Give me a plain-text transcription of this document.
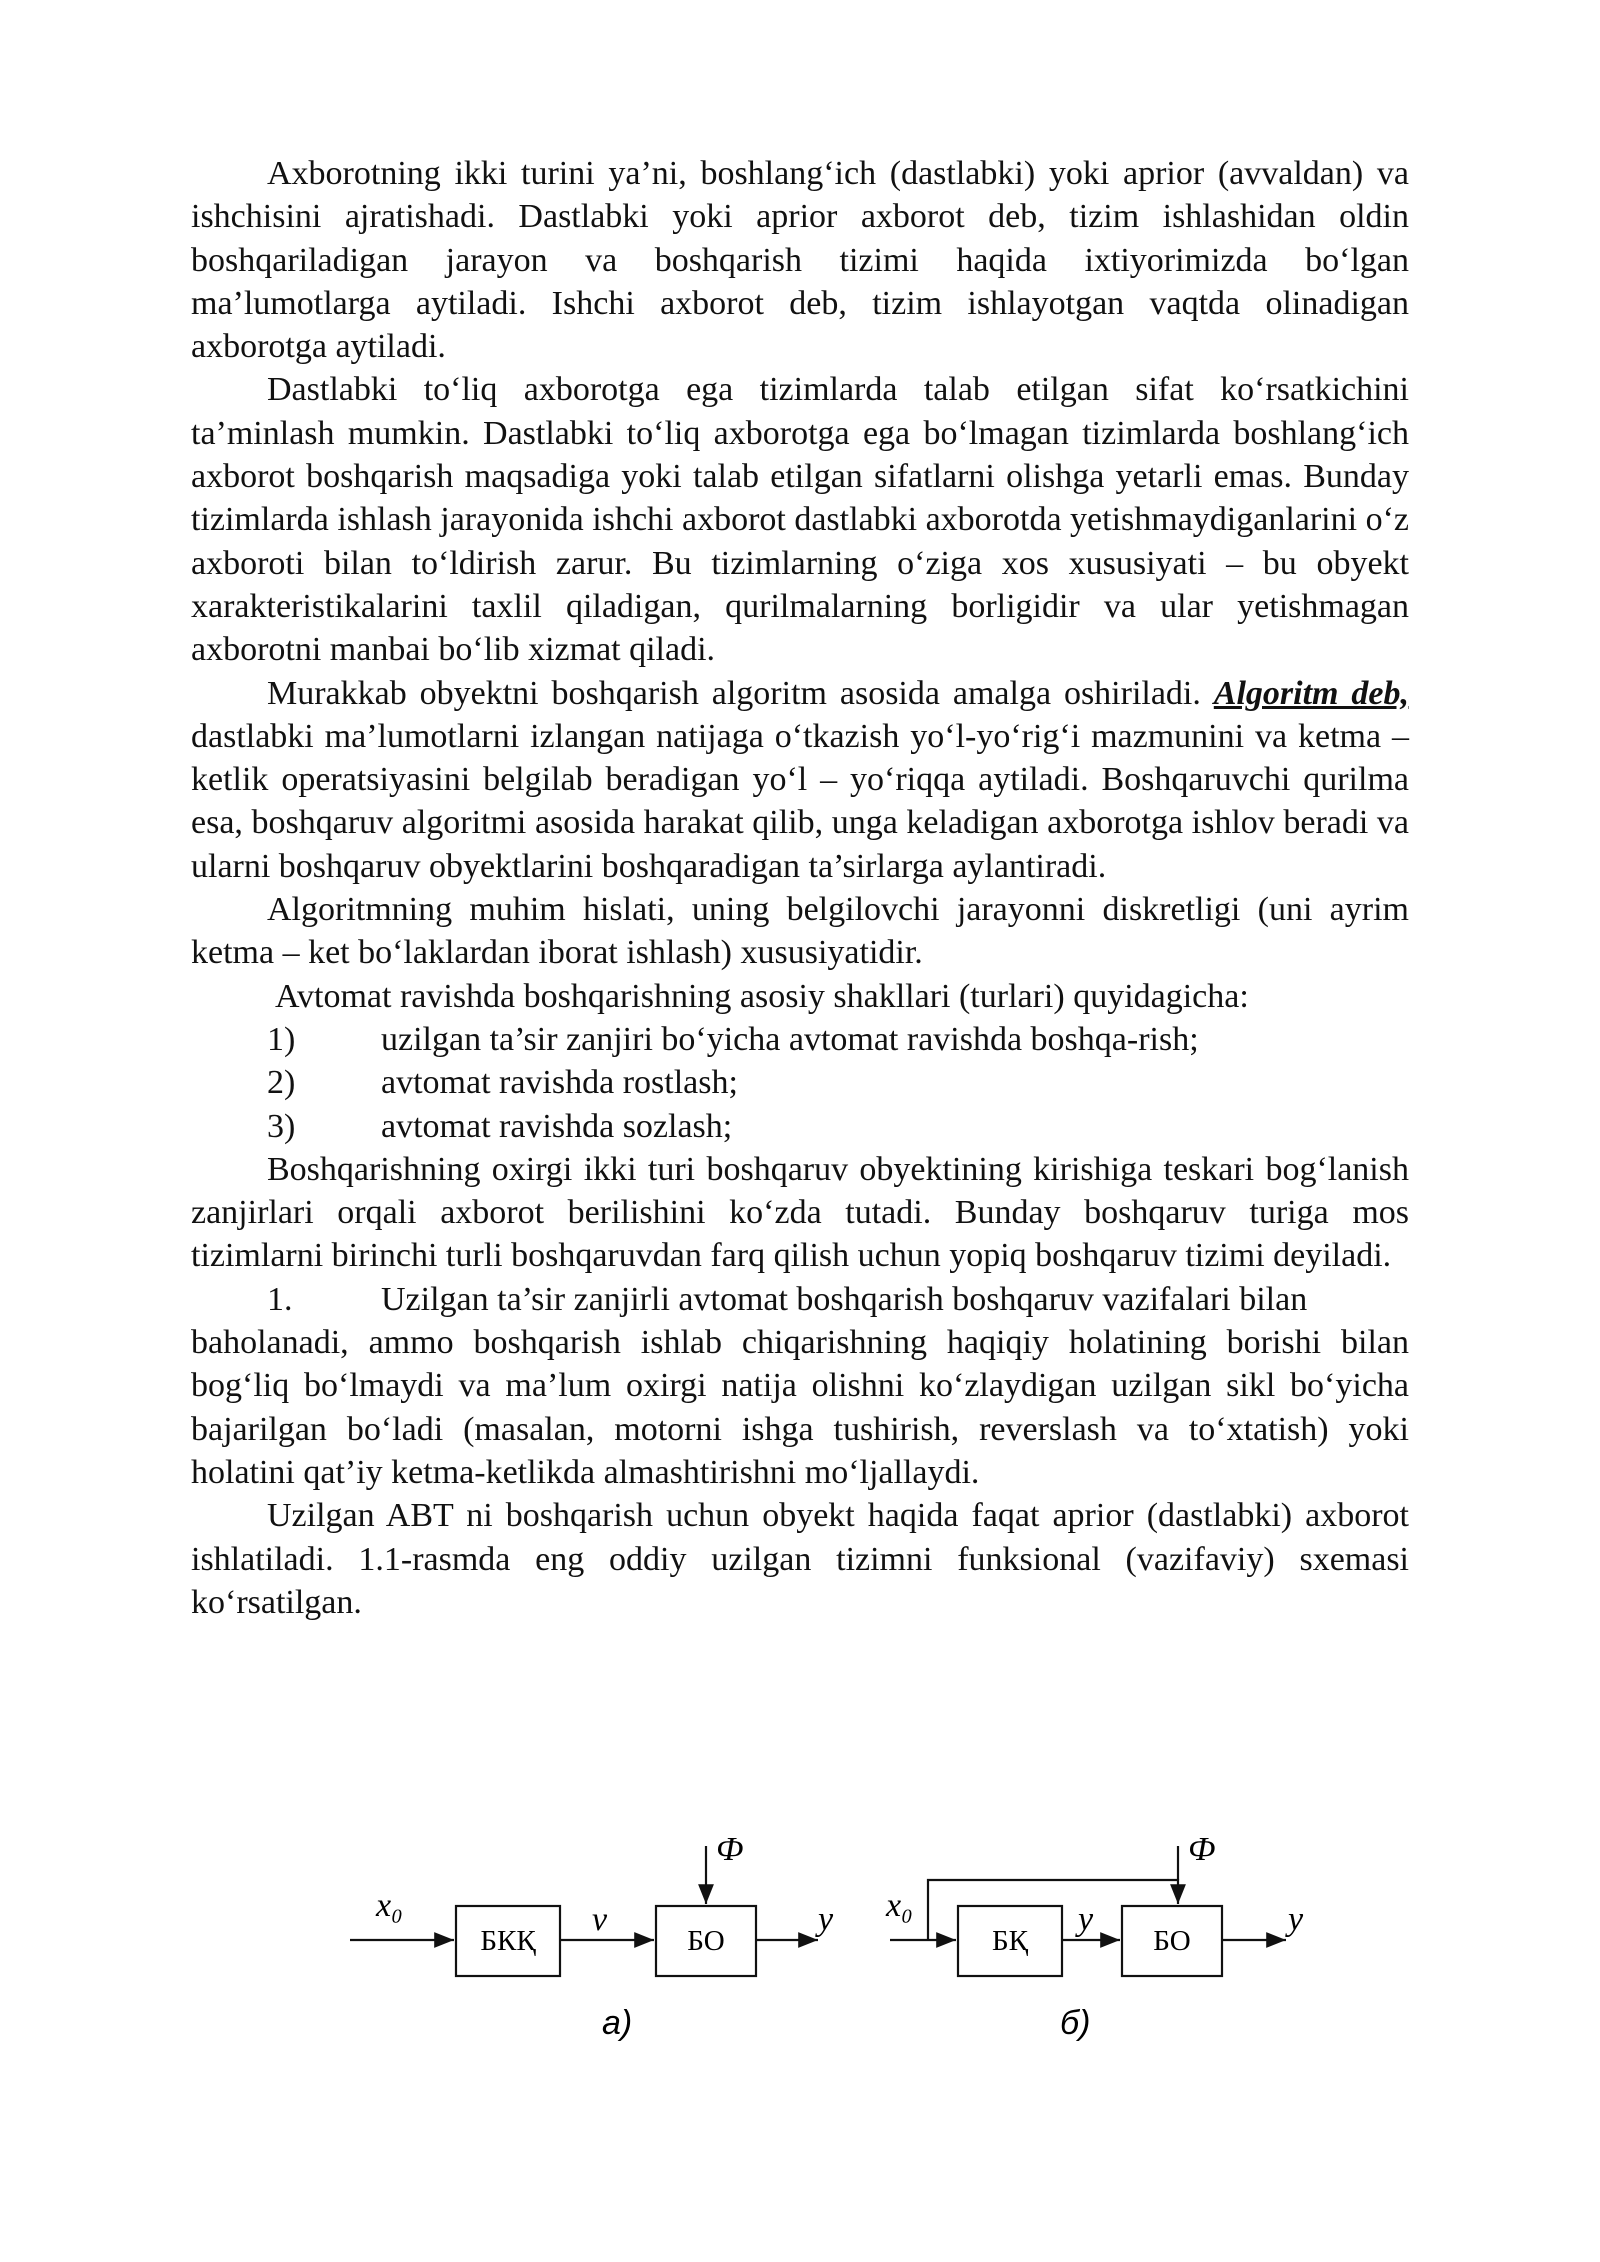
Axborotning ikki turini ya’ni, boshlang‘ich (dastlabki) yoki aprior (avvaldan) va ishchisini ajratishadi. Dastlabki yoki aprior axborot deb, tizim ishlashidan oldin boshqariladigan jarayon va boshqarish tizimi haqida ixtiyorimizda bo‘lgan ma’lumotlarga aytiladi. Ishchi axborot deb, tizim ishlayotgan vaqtda olinadigan axborotga aytiladi.

Dastlabki to‘liq axborotga ega tizimlarda talab etilgan sifat ko‘rsatkichini ta’minlash mumkin. Dastlabki to‘liq axborotga ega bo‘lmagan tizimlarda boshlang‘ich axborot boshqarish maqsadiga yoki talab etilgan sifatlarni olishga yetarli emas. Bunday tizimlarda ishlash jarayonida ishchi axborot dastlabki axborotda yetishmaydiganlarini o‘z axboroti bilan to‘ldirish zarur. Bu tizimlarning o‘ziga xos xususiyati – bu obyekt xarakteristikalarini taxlil qiladigan, qurilmalarning borligidir va ular yetishmagan axborotni manbai bo‘lib xizmat qiladi.

Murakkab obyektni boshqarish algoritm asosida amalga oshiriladi. Algoritm deb, dastlabki ma’lumotlarni izlangan natijaga o‘tkazish yo‘l-yo‘rig‘i mazmunini va ketma – ketlik operatsiyasini belgilab beradigan yo‘l – yo‘riqqa aytiladi. Boshqaruvchi qurilma esa, boshqaruv algoritmi asosida harakat qilib, unga keladigan axborotga ishlov beradi va ularni boshqaruv obyektlarini boshqaradigan ta’sirlarga aylantiradi.

Algoritmning muhim hislati, uning belgilovchi jarayonni diskretligi (uni ayrim ketma – ket bo‘laklardan iborat ishlash) xususiyatidir.

Avtomat ravishda boshqarishning asosiy shakllari (turlari) quyidagicha:

1)	uzilgan ta’sir zanjiri bo‘yicha avtomat ravishda boshqa-rish;
2)	avtomat ravishda rostlash;
3)	avtomat ravishda sozlash;

Boshqarishning oxirgi ikki turi boshqaruv obyektining kirishiga teskari bog‘lanish zanjirlari orqali axborot berilishini ko‘zda tutadi. Bunday boshqaruv turiga mos tizimlarni birinchi turli boshqaruvdan farq qilish uchun yopiq boshqaruv tizimi deyiladi.

1.	Uzilgan ta’sir zanjirli avtomat boshqarish boshqaruv vazifalari bilan

baholanadi, ammo boshqarish ishlab chiqarishning haqiqiy holatining borishi bilan bog‘liq bo‘lmaydi va ma’lum oxirgi natija olishni ko‘zlaydigan uzilgan sikl bo‘yicha bajarilgan bo‘ladi (masalan, motorni ishga tushirish, reverslash va to‘xtatish) yoki holatini qat’iy ketma-ketlikda almashtirishni mo‘ljallaydi.

Uzilgan ABT ni boshqarish uchun obyekt haqida faqat aprior (dastlabki) axborot ishlatiladi. 1.1-rasmda eng oddiy uzilgan tizimni funksional (vazifaviy) sxemasi ko‘rsatilgan.

x₀
БКҚ
v
БО
y
Ф
а)
x₀
БҚ
y
БО
y
Ф
б)
